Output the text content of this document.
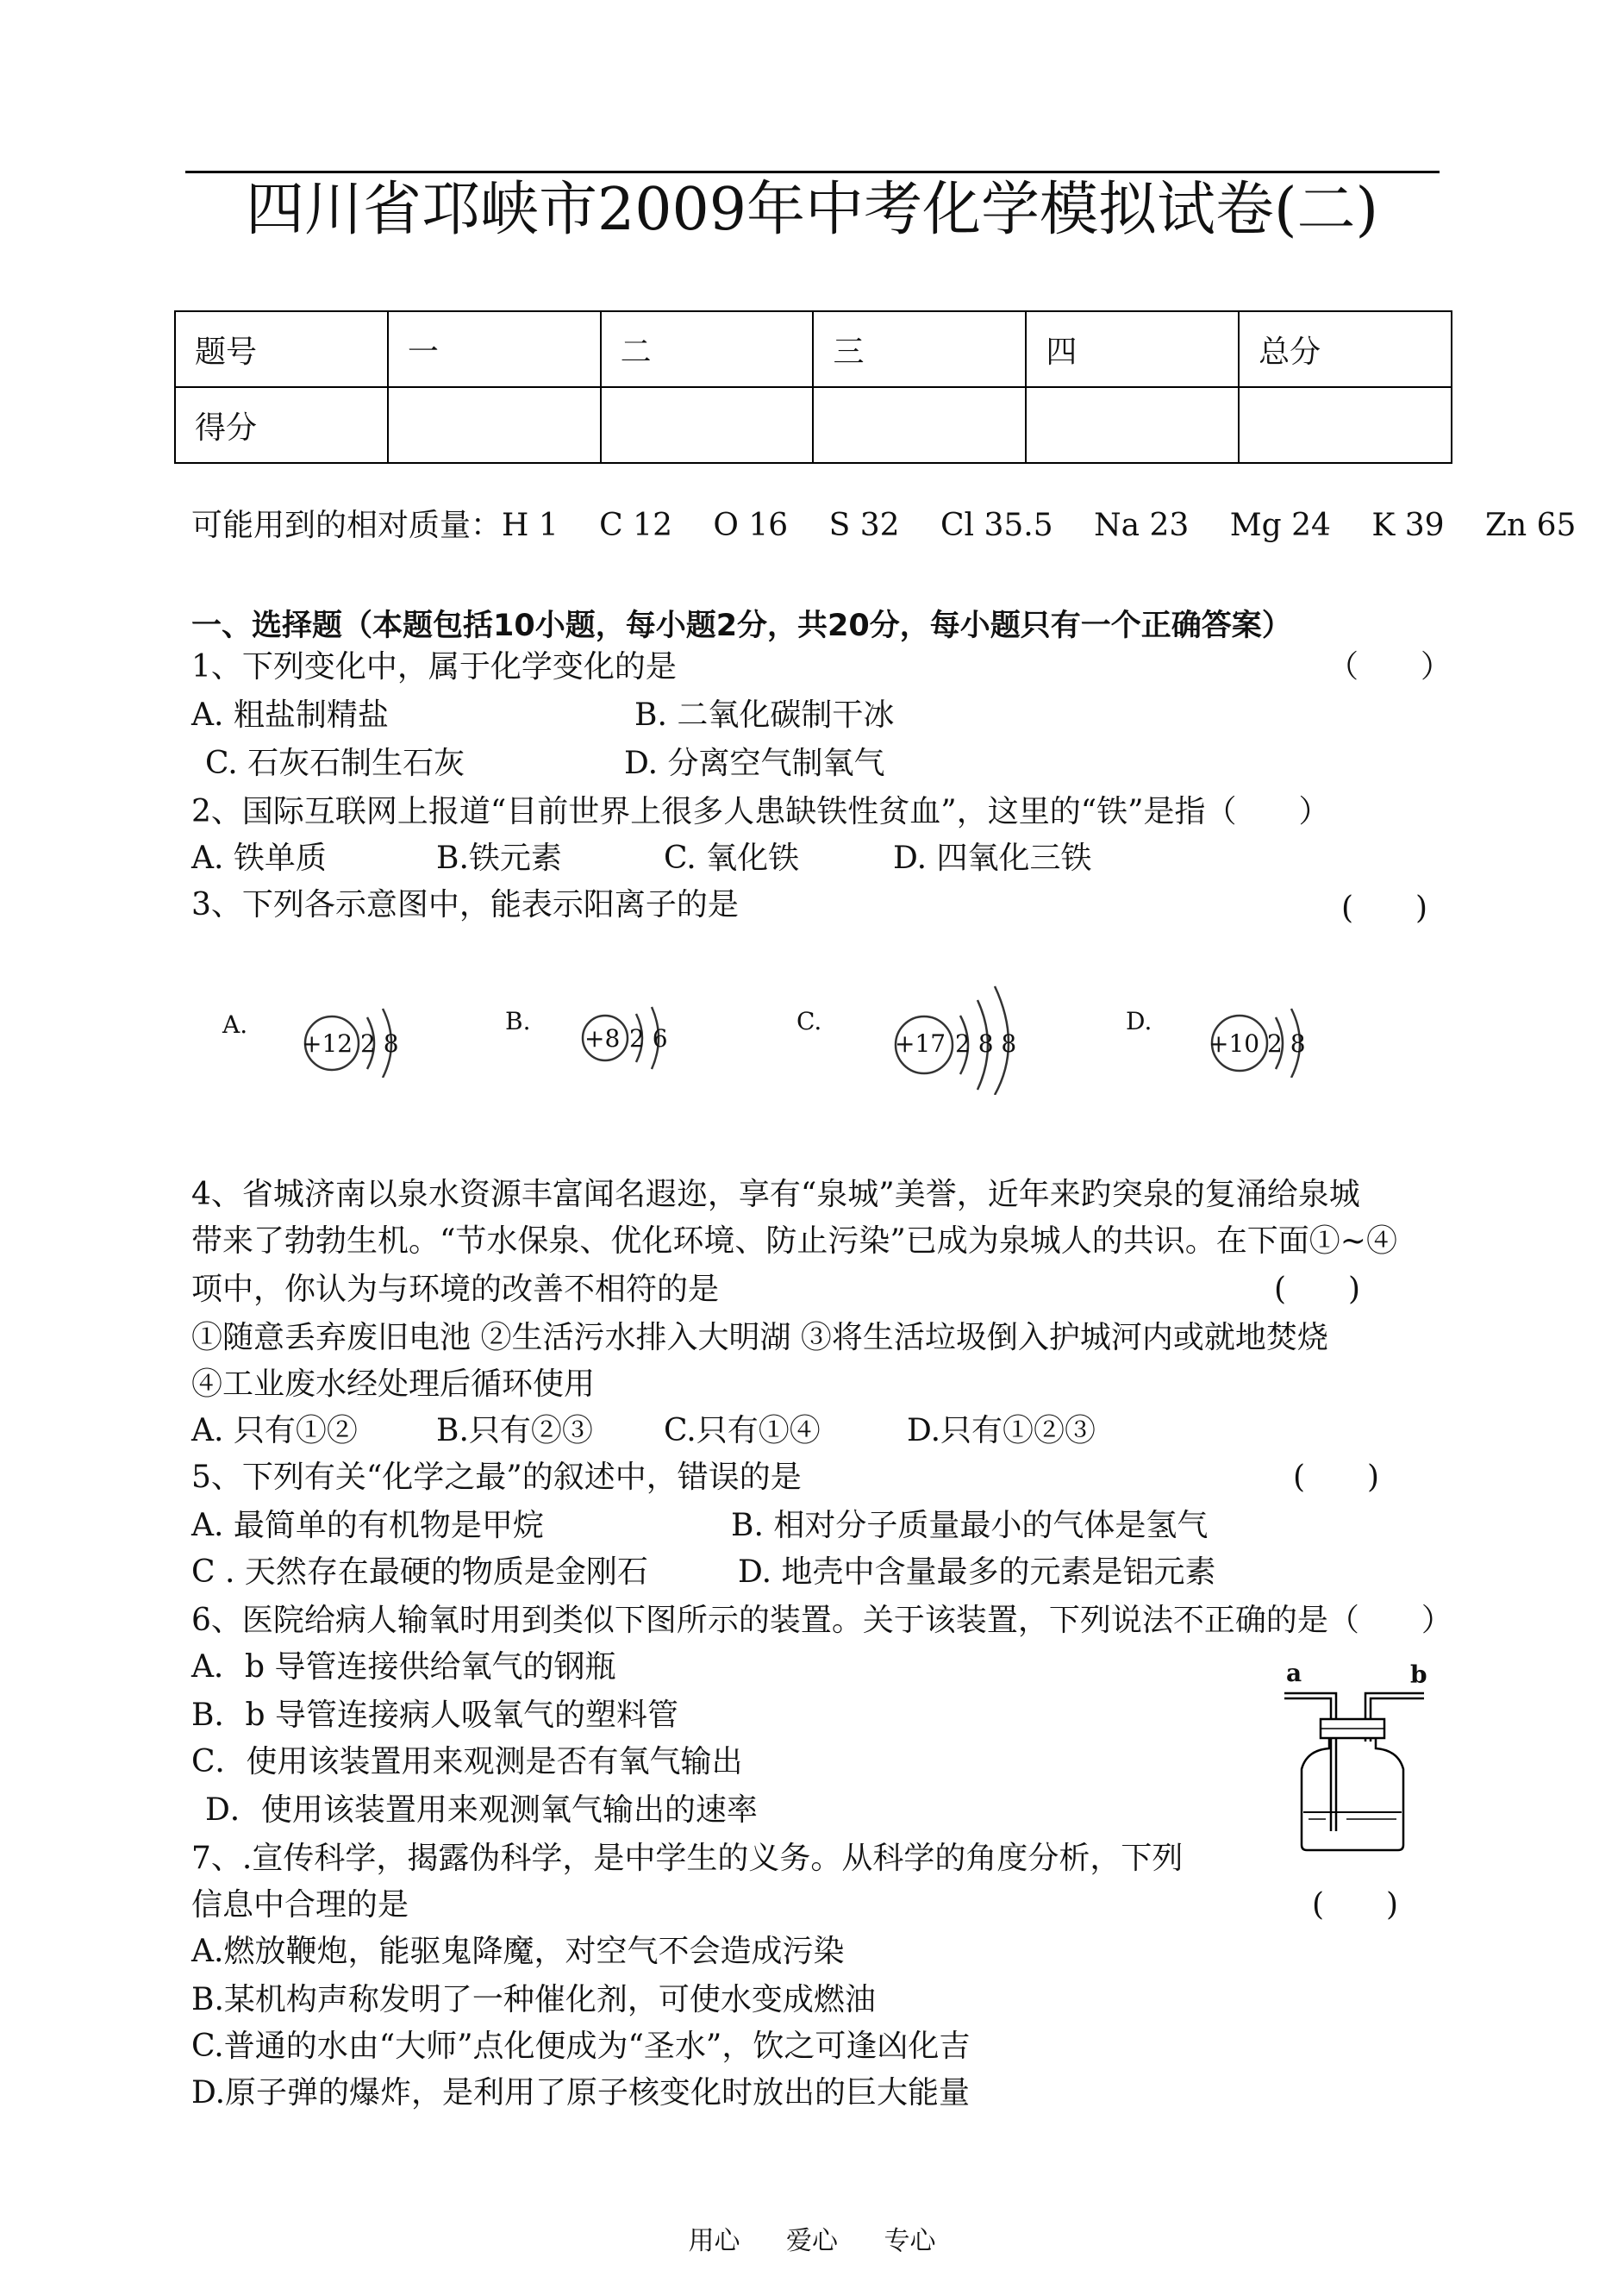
四川省邛峡市2009年中考化学模拟试卷(二)
题号	一	二	三	四	总分
得分					
可能用到的相对质量：H 1　 C 12　 O 16　 S 32　 Cl 35.5　 Na 23　 Mg 24　 K 39　 Zn 65
一、选择题（本题包括10小题，每小题2分，共20分，每小题只有一个正确答案）
1、下列变化中，属于化学变化的是	（　　）
A. 粗盐制精盐	B. 二氧化碳制干冰
C. 石灰石制生石灰	D. 分离空气制氧气
2、国际互联网上报道“目前世界上很多人患缺铁性贫血”，这里的“铁”是指（　　）
A. 铁单质	B.铁元素	C. 氧化铁	D. 四氧化三铁
3、下列各示意图中，能表示阳离子的是	(　　)
A.
+12 2 8
B.
+8 2 6
C.
+17 2 8 8
D.
+10 2 8
4、省城济南以泉水资源丰富闻名遐迩，享有“泉城”美誉，近年来趵突泉的复涌给泉城
带来了勃勃生机。“节水保泉、优化环境、防止污染”已成为泉城人的共识。在下面①~④
项中，你认为与环境的改善不相符的是	(　　)
①随意丢弃废旧电池 ②生活污水排入大明湖 ③将生活垃圾倒入护城河内或就地焚烧
④工业废水经处理后循环使用
A. 只有①②	B.只有②③ C.只有①④	D.只有①②③
5、下列有关“化学之最”的叙述中，错误的是	(　　)
A. 最简单的有机物是甲烷	B. 相对分子质量最小的气体是氢气
C . 天然存在最硬的物质是金刚石	D. 地壳中含量最多的元素是铝元素
6、医院给病人输氧时用到类似下图所示的装置。关于该装置，下列说法不正确的是（　　）
A．b 导管连接供给氧气的钢瓶
B．b 导管连接病人吸氧气的塑料管
C．使用该装置用来观测是否有氧气输出
D．使用该装置用来观测氧气输出的速率
a	b
7、.宣传科学，揭露伪科学，是中学生的义务。从科学的角度分析，下列
信息中合理的是	(　　)
A.燃放鞭炮，能驱鬼降魔，对空气不会造成污染
B.某机构声称发明了一种催化剂，可使水变成燃油
C.普通的水由“大师”点化便成为“圣水”，饮之可逢凶化吉
D.原子弹的爆炸，是利用了原子核变化时放出的巨大能量
用心 爱心 专心
